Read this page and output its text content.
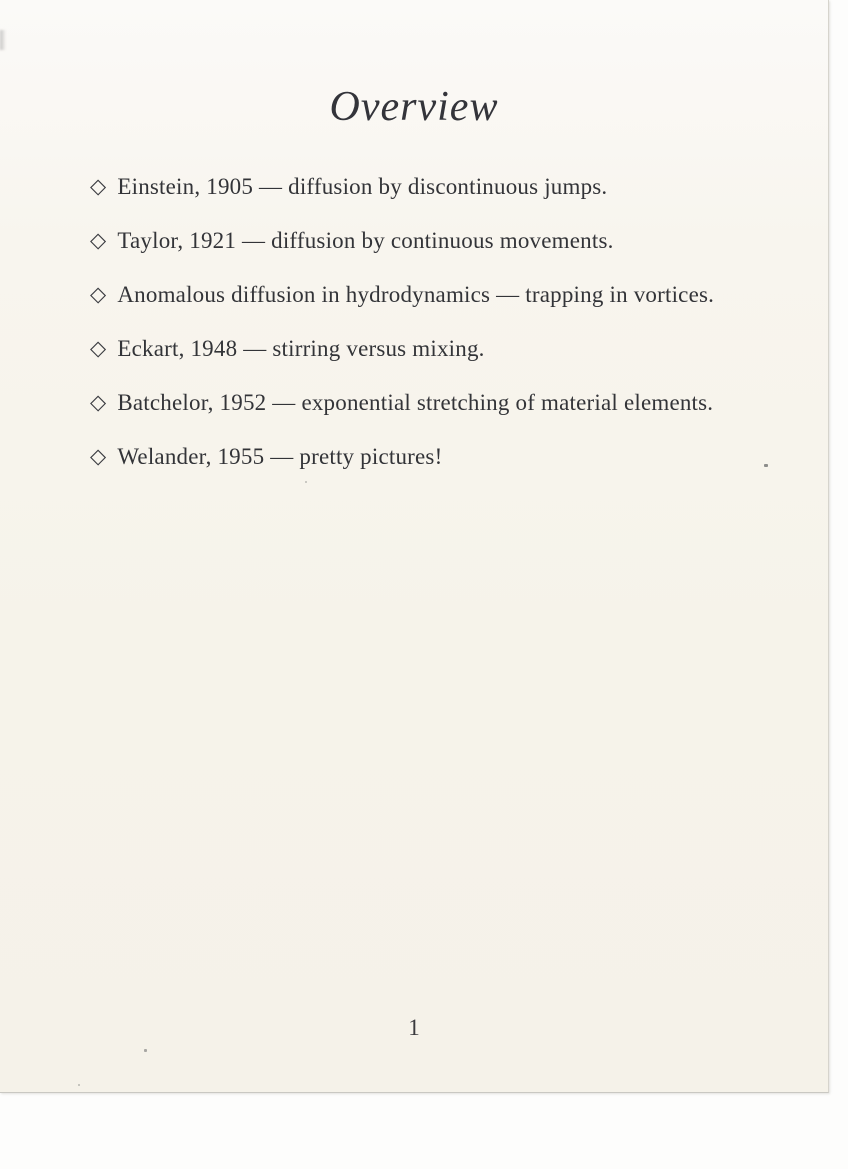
Overview
◇ Einstein, 1905 — diffusion by discontinuous jumps.
◇ Taylor, 1921 — diffusion by continuous movements.
◇ Anomalous diffusion in hydrodynamics — trapping in vortices.
◇ Eckart, 1948 — stirring versus mixing.
◇ Batchelor, 1952 — exponential stretching of material elements.
◇ Welander, 1955 — pretty pictures!
1
